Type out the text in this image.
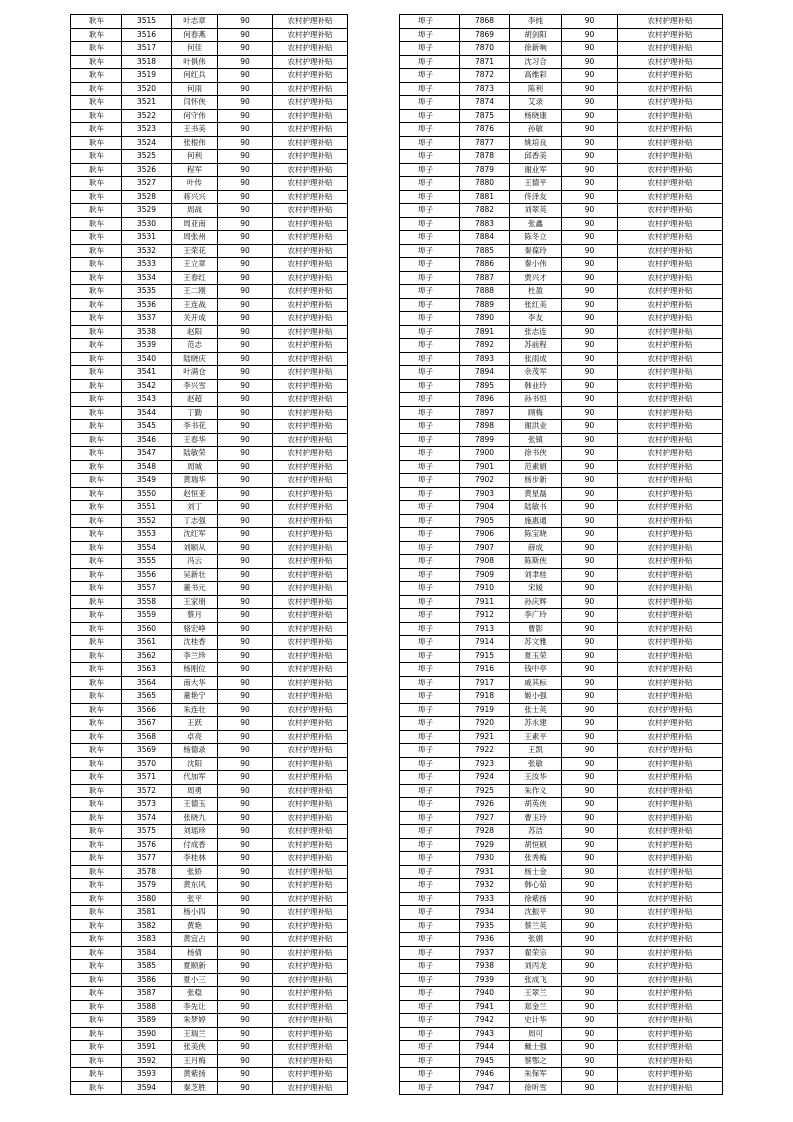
耿车	3515	叶志章	90	农村护理补贴
耿车	3516	何春燕	90	农村护理补贴
耿车	3517	何佳	90	农村护理补贴
耿车	3518	叶俱伟	90	农村护理补贴
耿车	3519	何红兵	90	农村护理补贴
耿车	3520	何雨	90	农村护理补贴
耿车	3521	闫怀侠	90	农村护理补贴
耿车	3522	何守伟	90	农村护理补贴
耿车	3523	王书美	90	农村护理补贴
耿车	3524	张根伟	90	农村护理补贴
耿车	3525	何利	90	农村护理补贴
耿车	3526	程军	90	农村护理补贴
耿车	3527	叶传	90	农村护理补贴
耿车	3528	蒋兴兴	90	农村护理补贴
耿车	3529	周战	90	农村护理补贴
耿车	3530	周亚南	90	农村护理补贴
耿车	3531	周张州	90	农村护理补贴
耿车	3532	王荣花	90	农村护理补贴
耿车	3533	王立章	90	农村护理补贴
耿车	3534	王春红	90	农村护理补贴
耿车	3535	王二刚	90	农村护理补贴
耿车	3536	王连战	90	农村护理补贴
耿车	3537	关开成	90	农村护理补贴
耿车	3538	赵阳	90	农村护理补贴
耿车	3539	范志	90	农村护理补贴
耿车	3540	陆晓庆	90	农村护理补贴
耿车	3541	叶满仓	90	农村护理补贴
耿车	3542	李兴雪	90	农村护理补贴
耿车	3543	赵超	90	农村护理补贴
耿车	3544	丁勤	90	农村护理补贴
耿车	3545	李书花	90	农村护理补贴
耿车	3546	王春华	90	农村护理补贴
耿车	3547	陆敏荣	90	农村护理补贴
耿车	3548	周城	90	农村护理补贴
耿车	3549	黄瑞华	90	农村护理补贴
耿车	3550	赵恒亚	90	农村护理补贴
耿车	3551	刘丁	90	农村护理补贴
耿车	3552	丁志强	90	农村护理补贴
耿车	3553	沈红军	90	农村护理补贴
耿车	3554	刘顺从	90	农村护理补贴
耿车	3555	冯云	90	农村护理补贴
耿车	3556	吴新壮	90	农村护理补贴
耿车	3557	董书元	90	农村护理补贴
耿车	3558	王家朋	90	农村护理补贴
耿车	3559	蔡月	90	农村护理补贴
耿车	3560	骆宏峥	90	农村护理补贴
耿车	3561	沈桂香	90	农村护理补贴
耿车	3562	李兰珍	90	农村护理补贴
耿车	3563	杨刚位	90	农村护理补贴
耿车	3564	南大华	90	农村护理补贴
耿车	3565	董艳宁	90	农村护理补贴
耿车	3566	朱连壮	90	农村护理补贴
耿车	3567	王跃	90	农村护理补贴
耿车	3568	卓亮	90	农村护理补贴
耿车	3569	杨德录	90	农村护理补贴
耿车	3570	沈阳	90	农村护理补贴
耿车	3571	代加军	90	农村护理补贴
耿车	3572	周勇	90	农村护理补贴
耿车	3573	王德玉	90	农村护理补贴
耿车	3574	张晓九	90	农村护理补贴
耿车	3575	刘瑶珍	90	农村护理补贴
耿车	3576	付成香	90	农村护理补贴
耿车	3577	李桂林	90	农村护理补贴
耿车	3578	张娇	90	农村护理补贴
耿车	3579	黄东风	90	农村护理补贴
耿车	3580	张平	90	农村护理补贴
耿车	3581	杨小四	90	农村护理补贴
耿车	3582	黄艳	90	农村护理补贴
耿车	3583	黄宜占	90	农村护理补贴
耿车	3584	杨倩	90	农村护理补贴
耿车	3585	夏顺新	90	农村护理补贴
耿车	3586	夏小三	90	农村护理补贴
耿车	3587	张稳	90	农村护理补贴
耿车	3588	李先让	90	农村护理补贴
耿车	3589	朱梦婷	90	农村护理补贴
耿车	3590	王瑞兰	90	农村护理补贴
耿车	3591	张美侠	90	农村护理补贴
耿车	3592	王月梅	90	农村护理补贴
耿车	3593	黄紫扬	90	农村护理补贴
耿车	3594	秦芝胜	90	农村护理补贴
埠子	7868	李纯	90	农村护理补贴
埠子	7869	胡剑阳	90	农村护理补贴
埠子	7870	徐新响	90	农村护理补贴
埠子	7871	沈习合	90	农村护理补贴
埠子	7872	高维彩	90	农村护理补贴
埠子	7873	陈利	90	农村护理补贴
埠子	7874	艾录	90	农村护理补贴
埠子	7875	杨晓康	90	农村护理补贴
埠子	7876	孙敏	90	农村护理补贴
埠子	7877	姚培良	90	农村护理补贴
埠子	7878	邱香美	90	农村护理补贴
埠子	7879	谢业军	90	农村护理补贴
埠子	7880	王德平	90	农村护理补贴
埠子	7881	佟泽友	90	农村护理补贴
埠子	7882	刘翠英	90	农村护理补贴
埠子	7883	张鑫	90	农村护理补贴
埠子	7884	陈冬立	90	农村护理补贴
埠子	7885	秦葆玲	90	农村护理补贴
埠子	7886	秦小伟	90	农村护理补贴
埠子	7887	贾兴才	90	农村护理补贴
埠子	7888	杜盈	90	农村护理补贴
埠子	7889	张红美	90	农村护理补贴
埠子	7890	李友	90	农村护理补贴
埠子	7891	张志连	90	农村护理补贴
埠子	7892	苏前程	90	农村护理补贴
埠子	7893	张雨成	90	农村护理补贴
埠子	7894	余茂军	90	农村护理补贴
埠子	7895	韩业玲	90	农村护理补贴
埠子	7896	孙书恒	90	农村护理补贴
埠子	7897	顾梅	90	农村护理补贴
埠子	7898	谢洪业	90	农村护理补贴
埠子	7899	张镇	90	农村护理补贴
埠子	7900	徐书侠	90	农村护理补贴
埠子	7901	范素娟	90	农村护理补贴
埠子	7902	杨步新	90	农村护理补贴
埠子	7903	黄星磊	90	农村护理补贴
埠子	7904	陆敏书	90	农村护理补贴
埠子	7905	施惠通	90	农村护理补贴
埠子	7906	陈宝晓	90	农村护理补贴
埠子	7907	薛成	90	农村护理补贴
埠子	7908	陈斯侠	90	农村护理补贴
埠子	7909	刘聿桂	90	农村护理补贴
埠子	7910	宋媛	90	农村护理补贴
埠子	7911	孙庆辉	90	农村护理补贴
埠子	7912	李广玲	90	农村护理补贴
埠子	7913	曹影	90	农村护理补贴
埠子	7914	苏文雅	90	农村护理补贴
埠子	7915	夏玉荣	90	农村护理补贴
埠子	7916	钱中亭	90	农村护理补贴
埠子	7917	戚其标	90	农村护理补贴
埠子	7918	姬小强	90	农村护理补贴
埠子	7919	张士英	90	农村护理补贴
埠子	7920	苏永建	90	农村护理补贴
埠子	7921	王素平	90	农村护理补贴
埠子	7922	王凯	90	农村护理补贴
埠子	7923	张敏	90	农村护理补贴
埠子	7924	王汝华	90	农村护理补贴
埠子	7925	朱作义	90	农村护理补贴
埠子	7926	胡英侠	90	农村护理补贴
埠子	7927	曹玉玲	90	农村护理补贴
埠子	7928	苏洁	90	农村护理补贴
埠子	7929	胡恒硕	90	农村护理补贴
埠子	7930	张秀梅	90	农村护理补贴
埠子	7931	杨士金	90	农村护理补贴
埠子	7932	韩心茹	90	农村护理补贴
埠子	7933	徐紫扬	90	农村护理补贴
埠子	7934	沈振平	90	农村护理补贴
埠子	7935	蔡兰英	90	农村护理补贴
埠子	7936	张娟	90	农村护理补贴
埠子	7937	翟荣宗	90	农村护理补贴
埠子	7938	刘丙龙	90	农村护理补贴
埠子	7939	张成飞	90	农村护理补贴
埠子	7940	王翠兰	90	农村护理补贴
埠子	7941	郑金兰	90	农村护理补贴
埠子	7942	史计华	90	农村护理补贴
埠子	7943	周可	90	农村护理补贴
埠子	7944	戴士强	90	农村护理补贴
埠子	7945	蔡鄂之	90	农村护理补贴
埠子	7946	朱保军	90	农村护理补贴
埠子	7947	徐听雪	90	农村护理补贴
